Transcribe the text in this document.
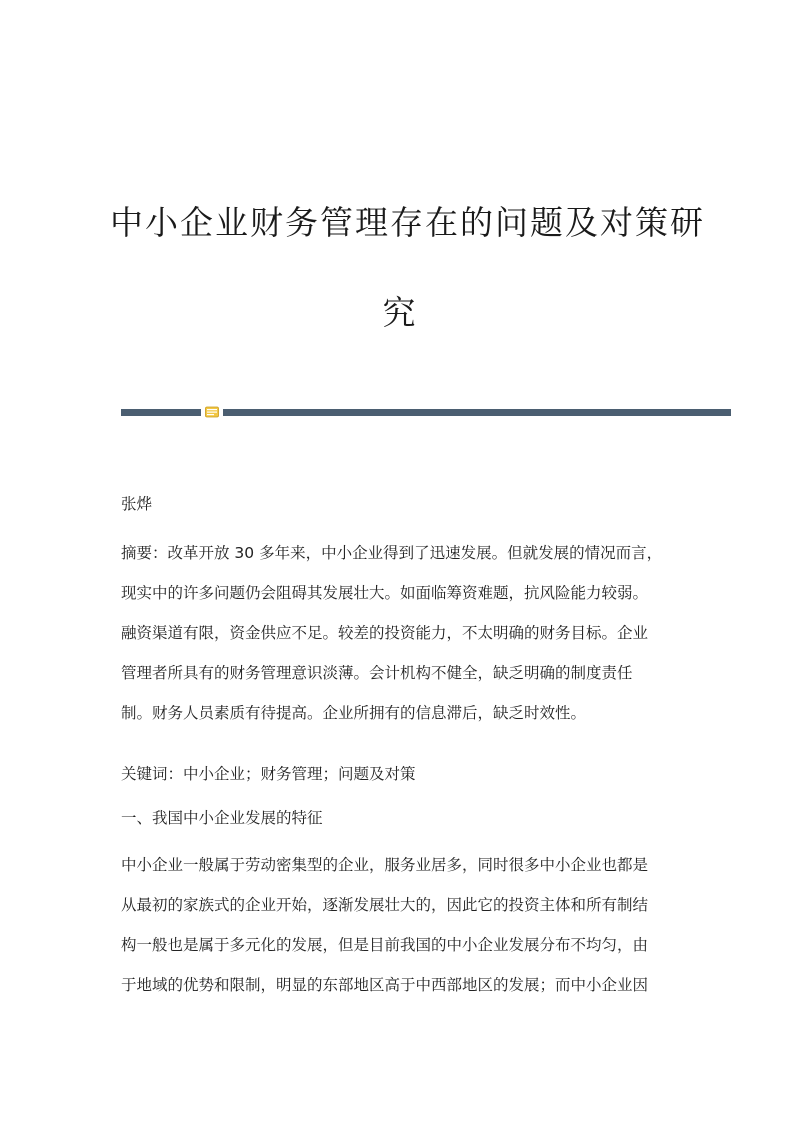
中小企业财务管理存在的问题及对策研
究
张烨
摘要：改革开放 30 多年来，中小企业得到了迅速发展。但就发展的情况而言，
现实中的许多问题仍会阻碍其发展壮大。如面临筹资难题，抗风险能力较弱。
融资渠道有限，资金供应不足。较差的投资能力，不太明确的财务目标。企业
管理者所具有的财务管理意识淡薄。会计机构不健全，缺乏明确的制度责任
制。财务人员素质有待提高。企业所拥有的信息滞后，缺乏时效性。
关键词：中小企业；财务管理；问题及对策
一、我国中小企业发展的特征
中小企业一般属于劳动密集型的企业，服务业居多，同时很多中小企业也都是
从最初的家族式的企业开始，逐渐发展壮大的，因此它的投资主体和所有制结
构一般也是属于多元化的发展，但是目前我国的中小企业发展分布不均匀，由
于地域的优势和限制，明显的东部地区高于中西部地区的发展；而中小企业因
